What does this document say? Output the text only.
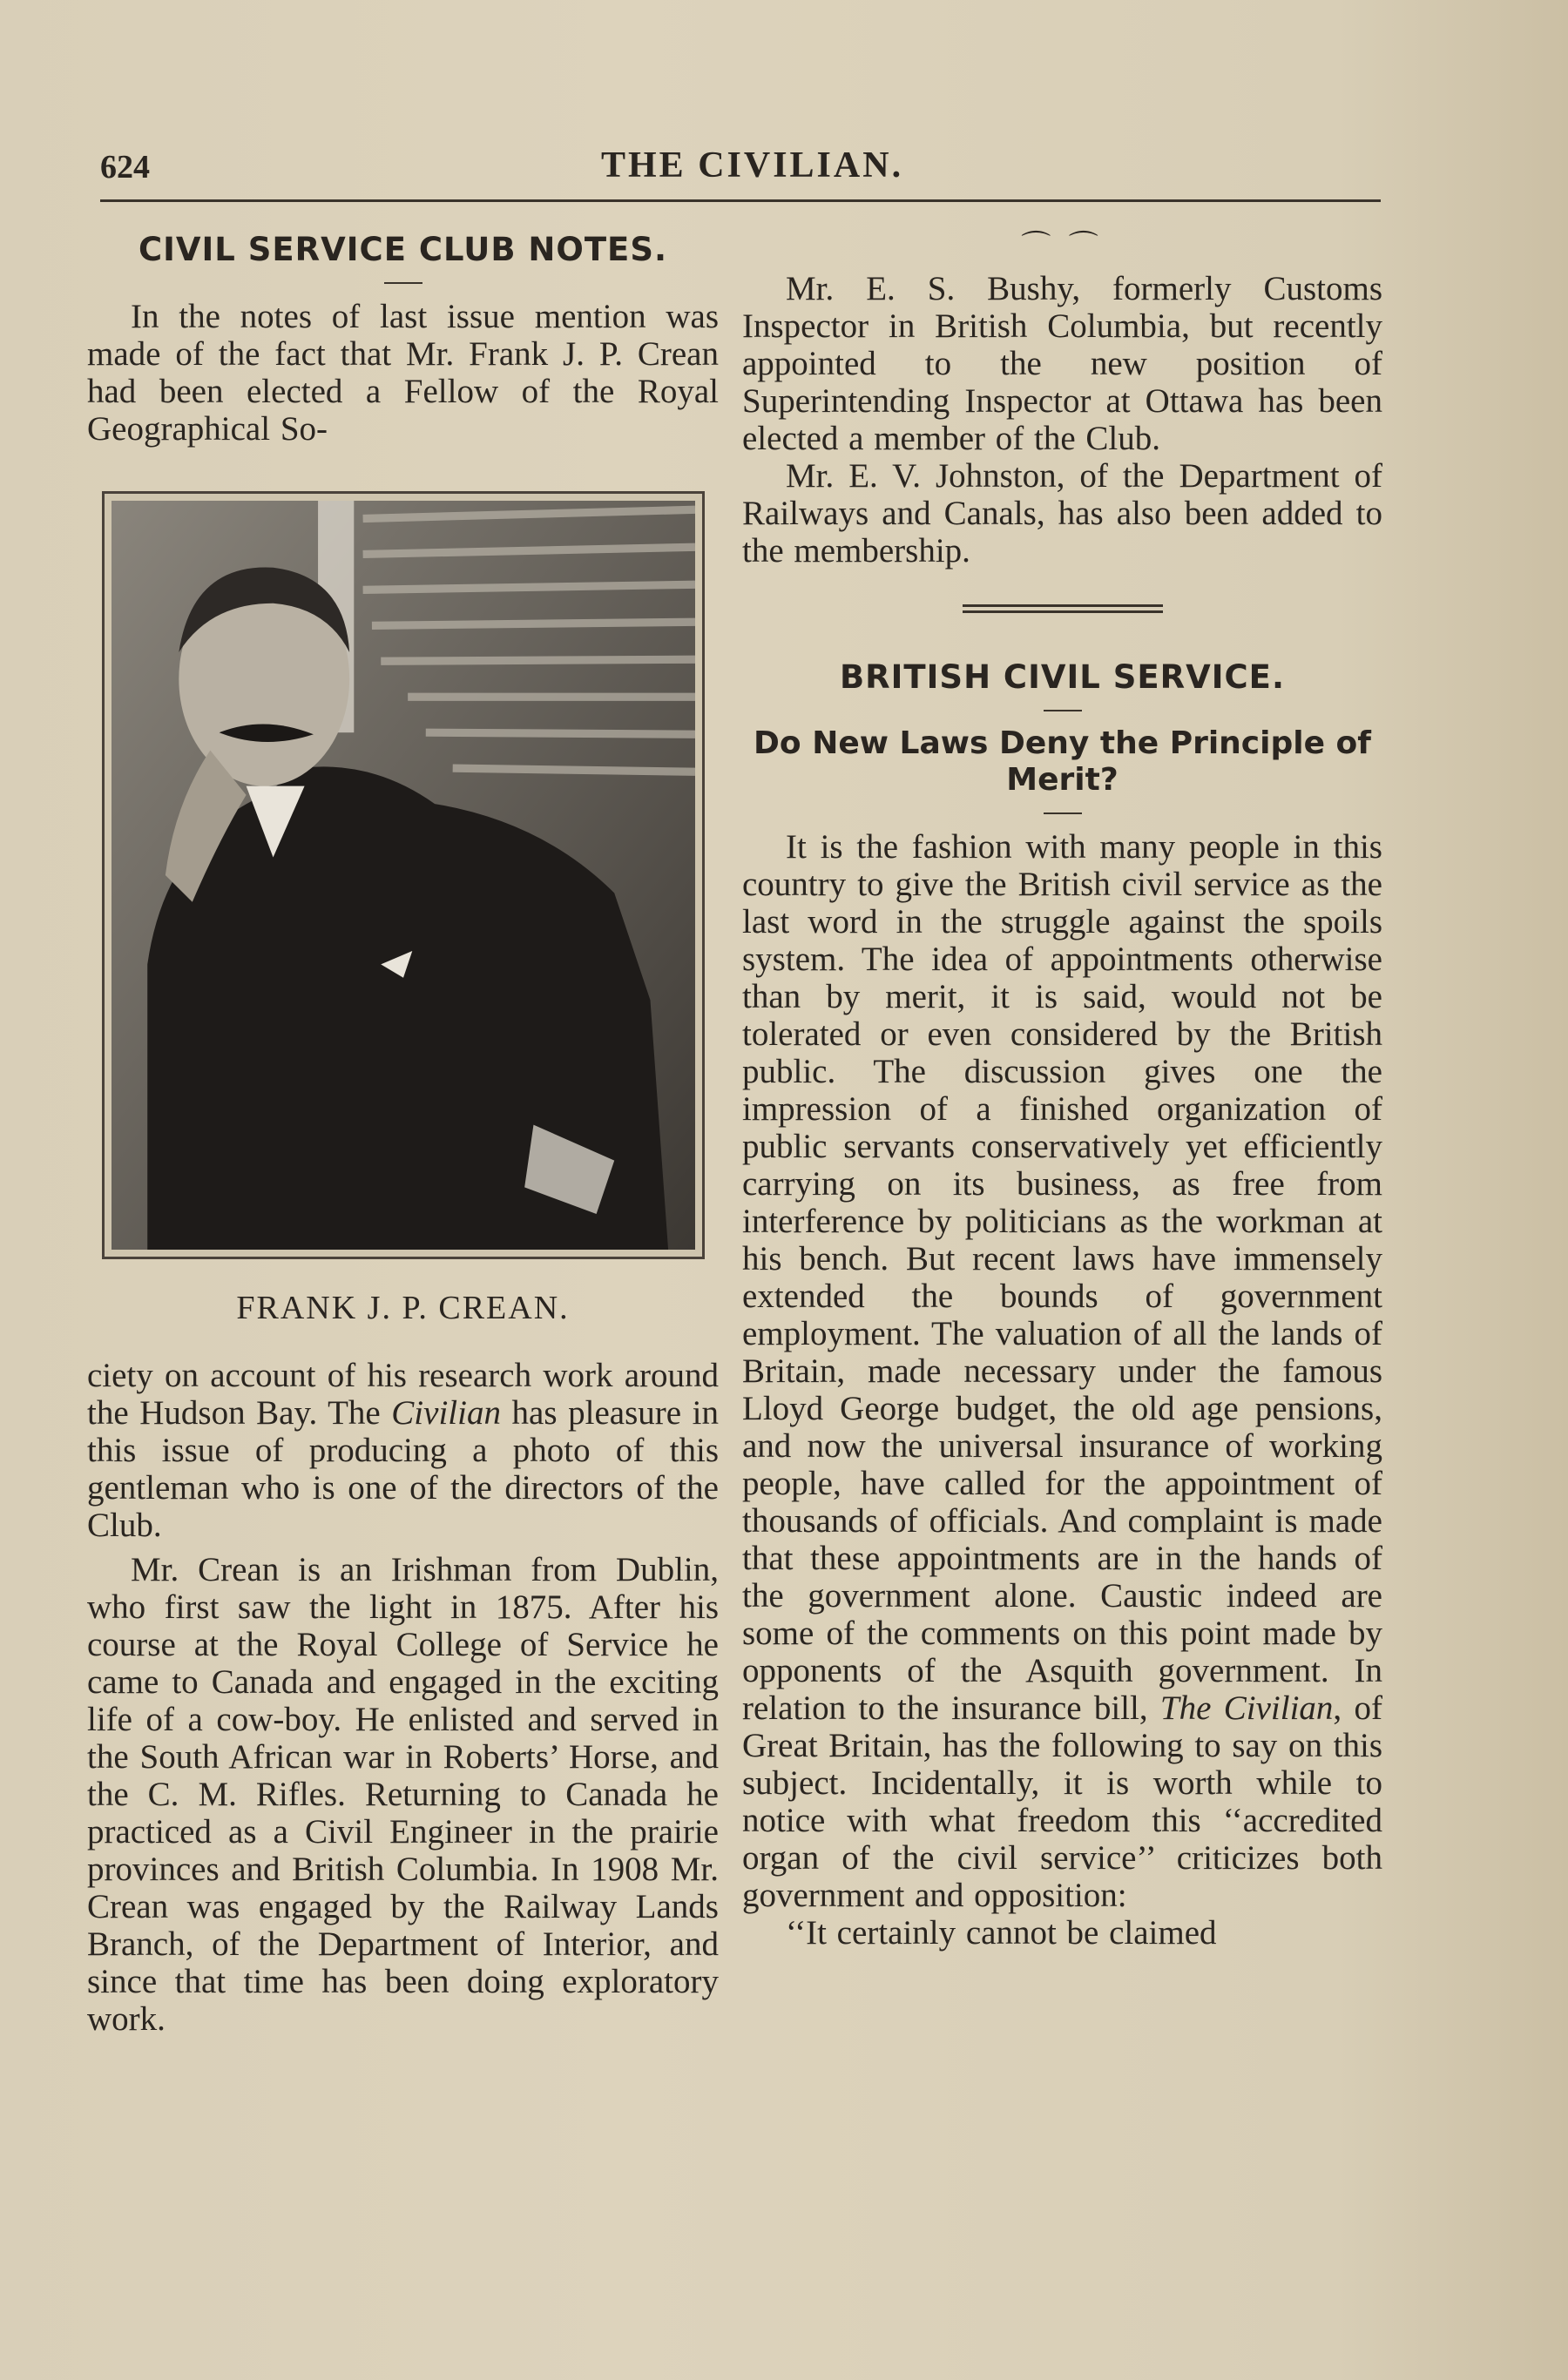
624	THE CIVILIAN.
CIVIL SERVICE CLUB NOTES.

In the notes of last issue mention was made of the fact that Mr. Frank J. P. Crean had been elected a Fellow of the Royal Geographical So-

FRANK J. P. CREAN.

ciety on account of his research work around the Hudson Bay. The Civilian has pleasure in this issue of producing a photo of this gentleman who is one of the directors of the Club.

Mr. Crean is an Irishman from Dublin, who first saw the light in 1875. After his course at the Royal College of Service he came to Canada and engaged in the exciting life of a cow-boy. He enlisted and served in the South African war in Roberts’ Horse, and the C. M. Rifles. Returning to Canada he practiced as a Civil Engineer in the prairie provinces and British Columbia. In 1908 Mr. Crean was engaged by the Railway Lands Branch, of the Department of Interior, and since that time has been doing exploratory work.

⌒ ⌒

Mr. E. S. Bushy, formerly Customs Inspector in British Columbia, but recently appointed to the new position of Superintending Inspector at Ottawa has been elected a member of the Club.

Mr. E. V. Johnston, of the Department of Railways and Canals, has also been added to the membership.

BRITISH CIVIL SERVICE.
Do New Laws Deny the Principle of Merit?

It is the fashion with many people in this country to give the British civil service as the last word in the struggle against the spoils system. The idea of appointments otherwise than by merit, it is said, would not be tolerated or even considered by the British public. The discussion gives one the impression of a finished organization of public servants conservatively yet efficiently carrying on its business, as free from interference by politicians as the workman at his bench. But recent laws have immensely extended the bounds of government employment. The valuation of all the lands of Britain, made necessary under the famous Lloyd George budget, the old age pensions, and now the universal insurance of working people, have called for the appointment of thousands of officials. And complaint is made that these appointments are in the hands of the government alone. Caustic indeed are some of the comments on this point made by opponents of the Asquith government. In relation to the insurance bill, The Civilian, of Great Britain, has the following to say on this subject. Incidentally, it is worth while to notice with what freedom this ‘‘accredited organ of the civil service’’ criticizes both government and opposition:

‘‘It certainly cannot be claimed
